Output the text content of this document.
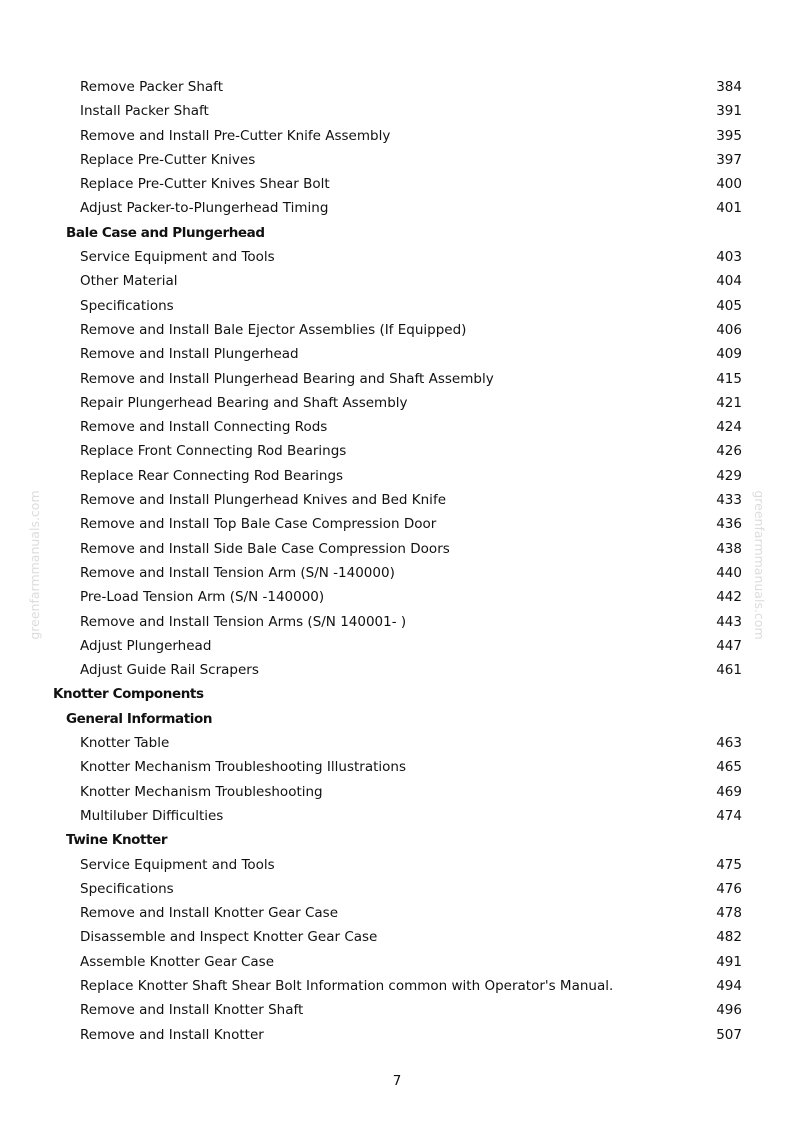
greenfarmmanuals.com	greenfarmmanuals.com
Remove Packer Shaft	384
Install Packer Shaft	391
Remove and Install Pre-Cutter Knife Assembly	395
Replace Pre-Cutter Knives	397
Replace Pre-Cutter Knives Shear Bolt	400
Adjust Packer-to-Plungerhead Timing	401
Bale Case and Plungerhead
Service Equipment and Tools	403
Other Material	404
Specifications	405
Remove and Install Bale Ejector Assemblies (If Equipped)	406
Remove and Install Plungerhead	409
Remove and Install Plungerhead Bearing and Shaft Assembly	415
Repair Plungerhead Bearing and Shaft Assembly	421
Remove and Install Connecting Rods	424
Replace Front Connecting Rod Bearings	426
Replace Rear Connecting Rod Bearings	429
Remove and Install Plungerhead Knives and Bed Knife	433
Remove and Install Top Bale Case Compression Door	436
Remove and Install Side Bale Case Compression Doors	438
Remove and Install Tension Arm (S/N -140000)	440
Pre-Load Tension Arm (S/N -140000)	442
Remove and Install Tension Arms (S/N 140001- )	443
Adjust Plungerhead	447
Adjust Guide Rail Scrapers	461
Knotter Components
General Information
Knotter Table	463
Knotter Mechanism Troubleshooting Illustrations	465
Knotter Mechanism Troubleshooting	469
Multiluber Difficulties	474
Twine Knotter
Service Equipment and Tools	475
Specifications	476
Remove and Install Knotter Gear Case	478
Disassemble and Inspect Knotter Gear Case	482
Assemble Knotter Gear Case	491
Replace Knotter Shaft Shear Bolt Information common with Operator's Manual.	494
Remove and Install Knotter Shaft	496
Remove and Install Knotter	507
7
